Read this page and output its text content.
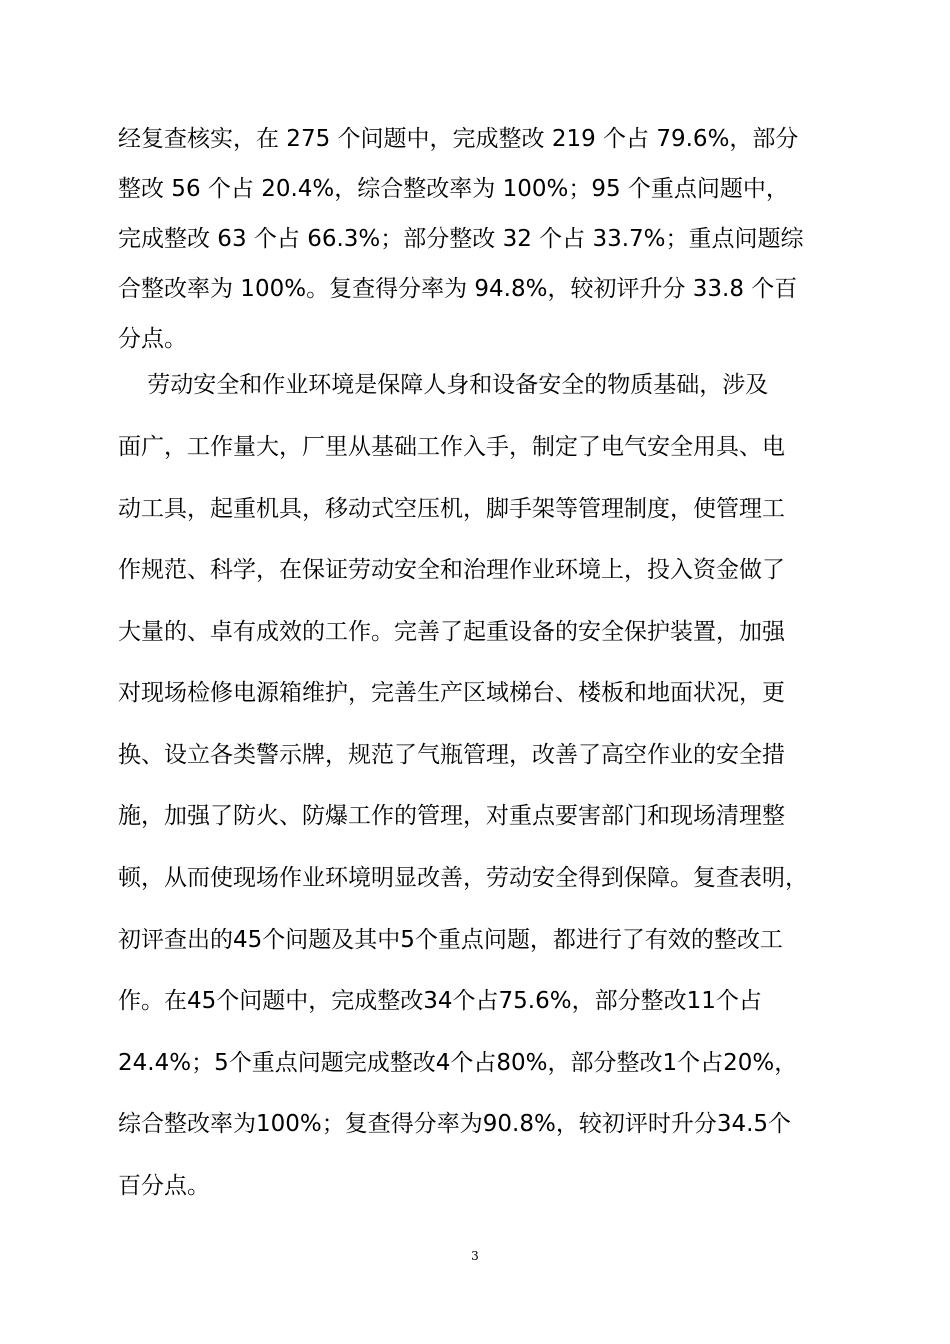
经复查核实，在 275 个问题中，完成整改 219 个占 79.6%，部分
整改 56 个占 20.4%，综合整改率为 100%；95 个重点问题中，
完成整改 63 个占 66.3%；部分整改 32 个占 33.7%；重点问题综
合整改率为 100%。复查得分率为 94.8%，较初评升分 33.8 个百
分点。
劳动安全和作业环境是保障人身和设备安全的物质基础，涉及
面广，工作量大，厂里从基础工作入手，制定了电气安全用具、电
动工具，起重机具，移动式空压机，脚手架等管理制度，使管理工
作规范、科学，在保证劳动安全和治理作业环境上，投入资金做了
大量的、卓有成效的工作。完善了起重设备的安全保护装置，加强
对现场检修电源箱维护，完善生产区域梯台、楼板和地面状况，更
换、设立各类警示牌，规范了气瓶管理，改善了高空作业的安全措
施，加强了防火、防爆工作的管理，对重点要害部门和现场清理整
顿，从而使现场作业环境明显改善，劳动安全得到保障。复查表明，
初评查出的45个问题及其中5个重点问题，都进行了有效的整改工
作。在45个问题中，完成整改34个占75.6%，部分整改11个占
24.4%；5个重点问题完成整改4个占80%，部分整改1个占20%，
综合整改率为100%；复查得分率为90.8%，较初评时升分34.5个
百分点。
3
